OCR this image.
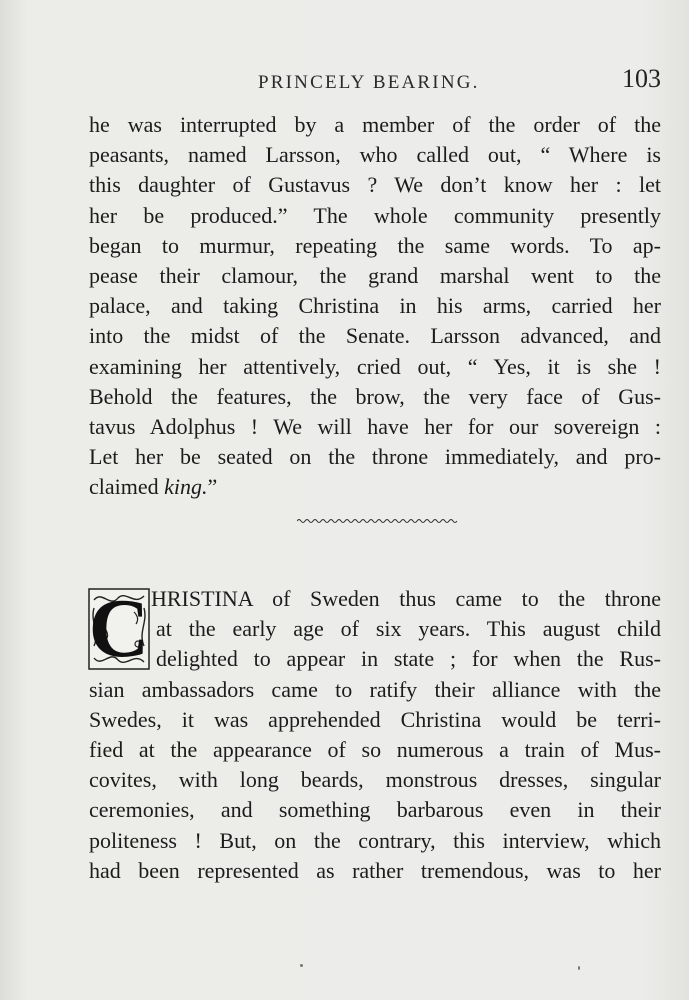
PRINCELY BEARING.	103
he was interrupted by a member of the order of the
peasants, named Larsson, who called out, “ Where is
this daughter of Gustavus ? We don’t know her : let
her be produced.” The whole community presently
began to murmur, repeating the same words. To ap-
pease their clamour, the grand marshal went to the
palace, and taking Christina in his arms, carried her
into the midst of the Senate. Larsson advanced, and
examining her attentively, cried out, “ Yes, it is she !
Behold the features, the brow, the very face of Gus-
tavus Adolphus ! We will have her for our sovereign :
Let her be seated on the throne immediately, and pro-
claimed king.”
C HRISTINA of Sweden thus came to the throne
at the early age of six years. This august child
delighted to appear in state ; for when the Rus-
sian ambassadors came to ratify their alliance with the
Swedes, it was apprehended Christina would be terri-
fied at the appearance of so numerous a train of Mus-
covites, with long beards, monstrous dresses, singular
ceremonies, and something barbarous even in their
politeness ! But, on the contrary, this interview, which
had been represented as rather tremendous, was to her
